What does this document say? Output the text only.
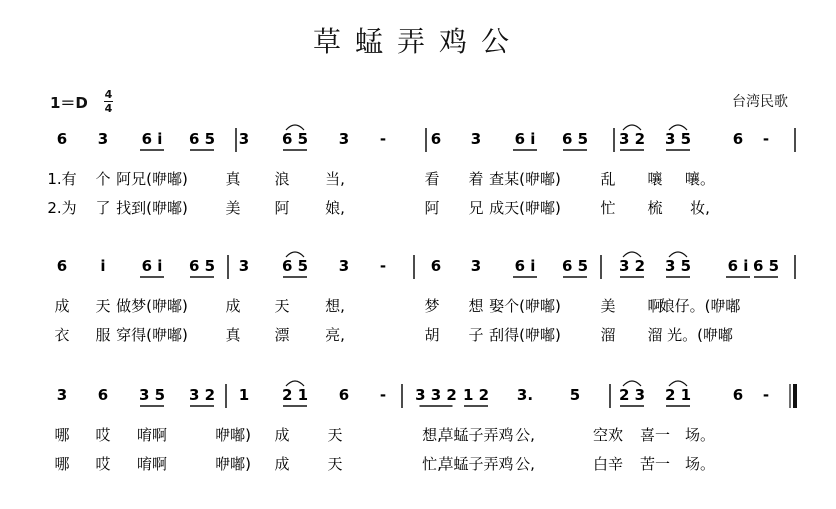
草蜢弄鸡公
1＝D 4
4	台湾民歌
6 3 6 i 6 5 3 6 5 3 -	6 3 6 i 6 5 3 2 3 5	6 -
1.有 个 阿兄(咿嘟)	真 浪 当,	看 着 查某(咿嘟)	乱 嚷 嚷。
2.为 了 找到(咿嘟)	美 阿 娘,	阿 兄 成天(咿嘟)	忙 梳 妆,
6 i 6 i 6 5 3 6 5 3 -	6 3 6 i 6 5 3 2 3 5 6 i 6 5
成 天 做梦(咿嘟)	成 天 想,	梦 想 娶个(咿嘟)	美 啊
娘仔。(咿嘟
衣 服 穿得(咿嘟)	真 漂 亮,	胡 子 刮得(咿嘟)	溜 溜 光。(咿嘟
3 6 3 5 3 2 1 2 1 6 - 3 3 2 1 2 3. 5	2 3 2 1	6 -
哪 哎 唷啊	咿嘟) 成	天	想,
草蜢子弄鸡 公,	空欢 喜一 场。
哪 哎 唷啊	咿嘟) 成	天	忙,
草蜢子弄鸡 公,	白辛 苦一 场。
